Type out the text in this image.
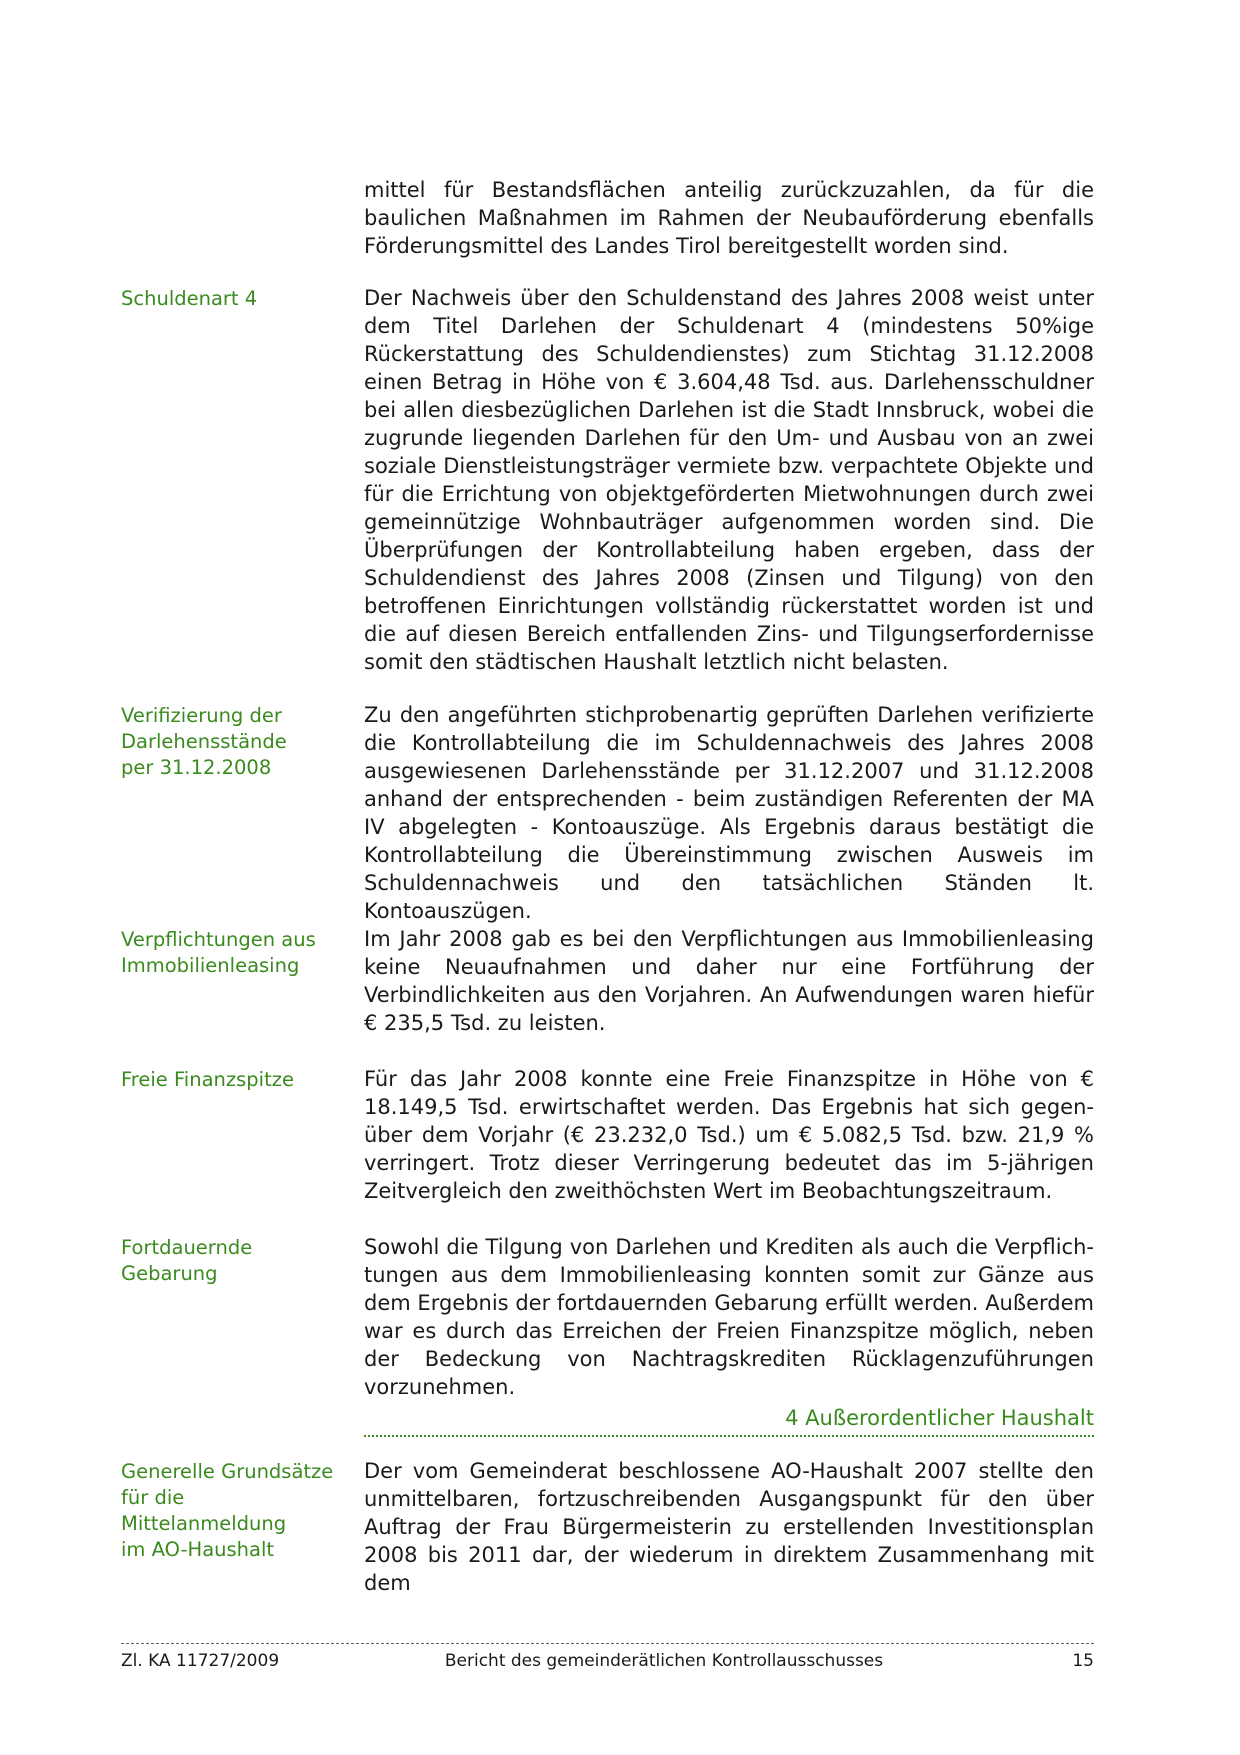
mittel für Bestandsflächen anteilig zurückzuzahlen, da für die baulichen Maßnahmen im Rahmen der Neubauförderung ebenfalls Förderungsmittel des Landes Tirol bereitgestellt worden sind.

Schuldenart 4	Der Nachweis über den Schuldenstand des Jahres 2008 weist unter dem Titel Darlehen der Schuldenart 4 (mindestens 50%ige Rückerstattung des Schuldendienstes) zum Stichtag 31.12.2008 einen Betrag in Höhe von € 3.604,48 Tsd. aus. Darlehensschuldner bei allen diesbezüglichen Darlehen ist die Stadt Innsbruck, wobei die zugrunde liegenden Darlehen für den Um- und Ausbau von an zwei soziale Dienstleistungsträger vermiete bzw. verpachtete Objekte und für die Errichtung von objektgeförderten Mietwohnungen durch zwei gemeinnützige Wohnbauträger aufgenommen worden sind. Die Überprüfungen der Kontrollabteilung haben ergeben, dass der Schuldendienst des Jahres 2008 (Zinsen und Tilgung) von den betroffenen Einrichtungen vollständig rückerstattet worden ist und die auf diesen Bereich entfallenden Zins- und Tilgungserfordernisse somit den städtischen Haushalt letztlich nicht belasten.

Verifizierung der
Darlehensstände
per 31.12.2008

Zu den angeführten stichprobenartig geprüften Darlehen verifizierte die Kontrollabteilung die im Schuldennachweis des Jahres 2008 ausgewiesenen Darlehensstände per 31.12.2007 und 31.12.2008 anhand der entsprechenden - beim zuständigen Referenten der MA IV abgelegten - Kontoauszüge. Als Ergebnis daraus bestätigt die Kontrollabteilung die Übereinstimmung zwischen Ausweis im Schuldennachweis und den tatsächlichen Ständen lt. Kontoauszügen.

Verpflichtungen aus
Immobilienleasing

Im Jahr 2008 gab es bei den Verpflichtungen aus Immobilienleasing keine Neuaufnahmen und daher nur eine Fortführung der Verbindlichkeiten aus den Vorjahren. An Aufwendungen waren hiefür € 235,5 Tsd. zu leisten.

Freie Finanzspitze	Für das Jahr 2008 konnte eine Freie Finanzspitze in Höhe von € 18.149,5 Tsd. erwirtschaftet werden. Das Ergebnis hat sich gegenüber dem Vorjahr (€ 23.232,0 Tsd.) um € 5.082,5 Tsd. bzw. 21,9 % verringert. Trotz dieser Verringerung bedeutet das im 5-jährigen Zeitvergleich den zweithöchsten Wert im Beobachtungszeitraum.

Fortdauernde Gebarung

Sowohl die Tilgung von Darlehen und Krediten als auch die Verpflichtungen aus dem Immobilienleasing konnten somit zur Gänze aus dem Ergebnis der fortdauernden Gebarung erfüllt werden. Außerdem war es durch das Erreichen der Freien Finanzspitze möglich, neben der Bedeckung von Nachtragskrediten Rücklagenzuführungen vorzunehmen.

4 Außerordentlicher Haushalt
Generelle Grundsätze
für die Mittelanmeldung
im AO-Haushalt

Der vom Gemeinderat beschlossene AO-Haushalt 2007 stellte den unmittelbaren, fortzuschreibenden Ausgangspunkt für den über Auftrag der Frau Bürgermeisterin zu erstellenden Investitionsplan 2008 bis 2011 dar, der wiederum in direktem Zusammenhang mit dem

Zl. KA 11727/2009	Bericht des gemeinderätlichen Kontrollausschusses	15
